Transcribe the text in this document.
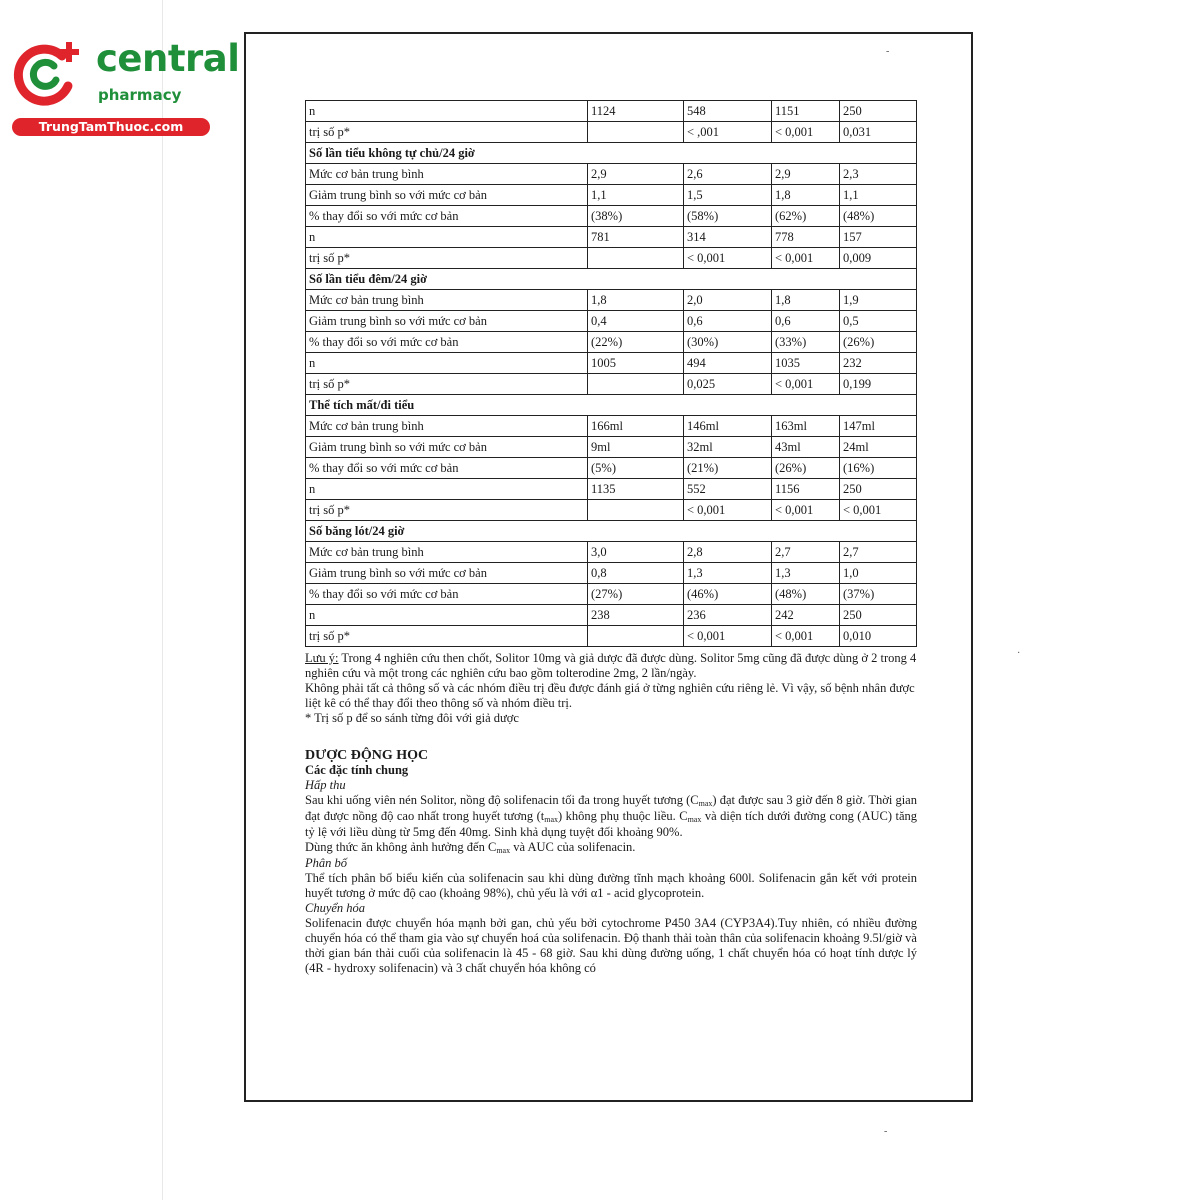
central
pharmacy
TrungTamThuoc.com
-
·
-
n	1124	548	1151	250
trị số p*		< ,001	< 0,001	0,031
Số lần tiểu không tự chủ/24 giờ				
Mức cơ bản trung bình	2,9	2,6	2,9	2,3
Giảm trung bình so với mức cơ bản	1,1	1,5	1,8	1,1
% thay đổi so với mức cơ bản	(38%)	(58%)	(62%)	(48%)
n	781	314	778	157
trị số p*		< 0,001	< 0,001	0,009
Số lần tiểu đêm/24 giờ				
Mức cơ bản trung bình	1,8	2,0	1,8	1,9
Giảm trung bình so với mức cơ bản	0,4	0,6	0,6	0,5
% thay đổi so với mức cơ bản	(22%)	(30%)	(33%)	(26%)
n	1005	494	1035	232
trị số p*		0,025	< 0,001	0,199
Thể tích mất/đi tiểu				
Mức cơ bản trung bình	166ml	146ml	163ml	147ml
Giảm trung bình so với mức cơ bản	9ml	32ml	43ml	24ml
% thay đổi so với mức cơ bản	(5%)	(21%)	(26%)	(16%)
n	1135	552	1156	250
trị số p*		< 0,001	< 0,001	< 0,001
Số băng lót/24 giờ				
Mức cơ bản trung bình	3,0	2,8	2,7	2,7
Giảm trung bình so với mức cơ bản	0,8	1,3	1,3	1,0
% thay đổi so với mức cơ bản	(27%)	(46%)	(48%)	(37%)
n	238	236	242	250
trị số p*		< 0,001	< 0,001	0,010

Lưu ý: Trong 4 nghiên cứu then chốt, Solitor 10mg và giả dược đã được dùng. Solitor 5mg cũng đã được dùng ở 2 trong 4 nghiên cứu và một trong các nghiên cứu bao gồm tolterodine 2mg, 2 lần/ngày.

Không phải tất cả thông số và các nhóm điều trị đều được đánh giá ở từng nghiên cứu riêng lẻ. Vì vậy, số bệnh nhân được liệt kê có thể thay đổi theo thông số và nhóm điều trị.

* Trị số p để so sánh từng đôi với giả dược

DƯỢC ĐỘNG HỌC

Các đặc tính chung

Hấp thu

Sau khi uống viên nén Solitor, nồng độ solifenacin tối đa trong huyết tương (Cmax) đạt được sau 3 giờ đến 8 giờ. Thời gian đạt được nồng độ cao nhất trong huyết tương (tmax) không phụ thuộc liều. Cmax và diện tích dưới đường cong (AUC) tăng tỷ lệ với liều dùng từ 5mg đến 40mg. Sinh khả dụng tuyệt đối khoảng 90%.

Dùng thức ăn không ảnh hưởng đến Cmax và AUC của solifenacin.

Phân bố

Thể tích phân bố biểu kiến của solifenacin sau khi dùng đường tĩnh mạch khoảng 600l. Solifenacin gắn kết với protein huyết tương ở mức độ cao (khoảng 98%), chủ yếu là với α1 - acid glycoprotein.

Chuyển hóa

Solifenacin được chuyển hóa mạnh bởi gan, chủ yếu bởi cytochrome P450 3A4 (CYP3A4).Tuy nhiên, có nhiều đường chuyển hóa có thể tham gia vào sự chuyển hoá của solifenacin. Độ thanh thải toàn thân của solifenacin khoảng 9.5l/giờ và thời gian bán thải cuối của solifenacin là 45 - 68 giờ. Sau khi dùng đường uống, 1 chất chuyển hóa có hoạt tính dược lý (4R - hydroxy solifenacin) và 3 chất chuyển hóa không có
